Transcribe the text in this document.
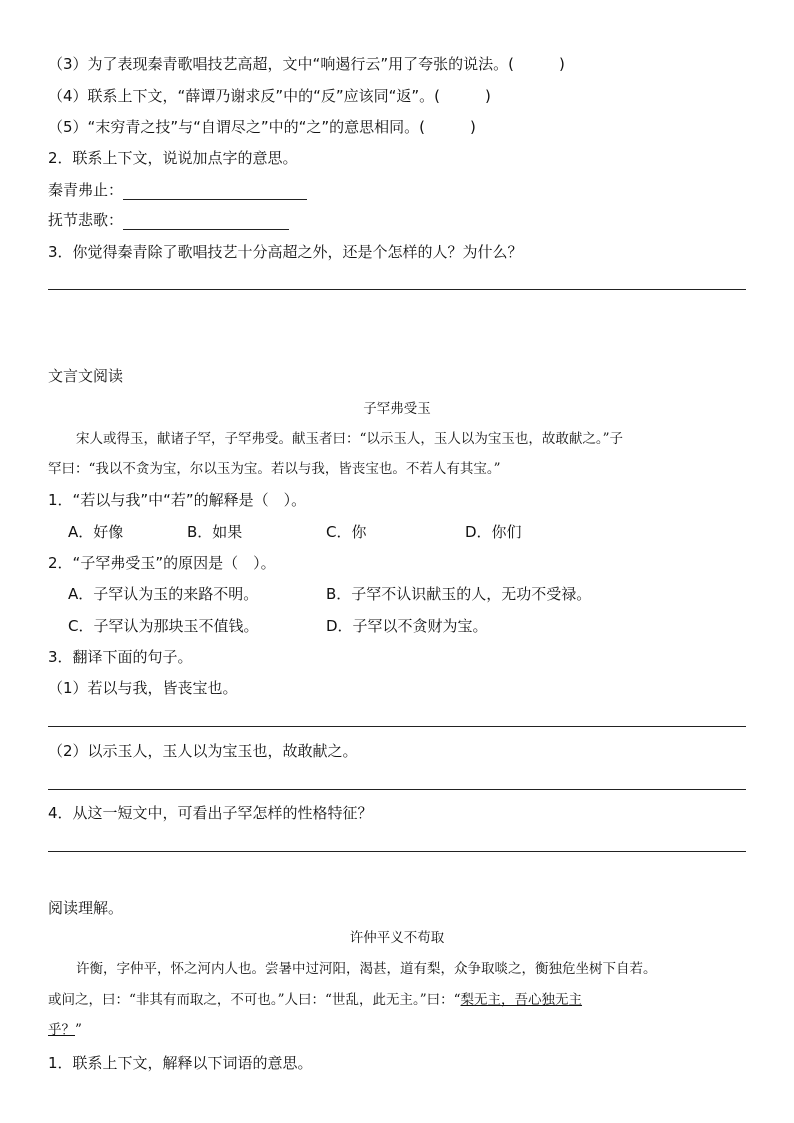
（3）为了表现秦青歌唱技艺高超，文中“响遏行云”用了夸张的说法。(　　　)
（4）联系上下文，“薛谭乃谢求反”中的“反”应该同“返”。(　　　)
（5）“末穷青之技”与“自谓尽之”中的“之”的意思相同。(　　　)
2．联系上下文，说说加点字的意思。
秦青弗止：
抚节悲歌：
3．你觉得秦青除了歌唱技艺十分高超之外，还是个怎样的人？为什么？
文言文阅读
子罕弗受玉
宋人或得玉，献诸子罕，子罕弗受。献玉者曰：“以示玉人，玉人以为宝玉也，故敢献之。”子
罕曰：“我以不贪为宝，尔以玉为宝。若以与我，皆丧宝也。不若人有其宝。”
1．“若以与我”中“若”的解释是（　）。
A．好像	B．如果	C．你	D．你们
2．“子罕弗受玉”的原因是（　）。
A．子罕认为玉的来路不明。	B．子罕不认识献玉的人，无功不受禄。
C．子罕认为那块玉不值钱。	D．子罕以不贪财为宝。
3．翻译下面的句子。
（1）若以与我，皆丧宝也。
（2）以示玉人，玉人以为宝玉也，故敢献之。
4．从这一短文中，可看出子罕怎样的性格特征？
阅读理解。
许仲平义不苟取
许衡，字仲平，怀之河内人也。尝暑中过河阳，渴甚，道有梨，众争取啖之，衡独危坐树下自若。
或问之，曰：“非其有而取之，不可也。”人曰：“世乱，此无主。”曰：“梨无主，吾心独无主
乎？”
1．联系上下文，解释以下词语的意思。
